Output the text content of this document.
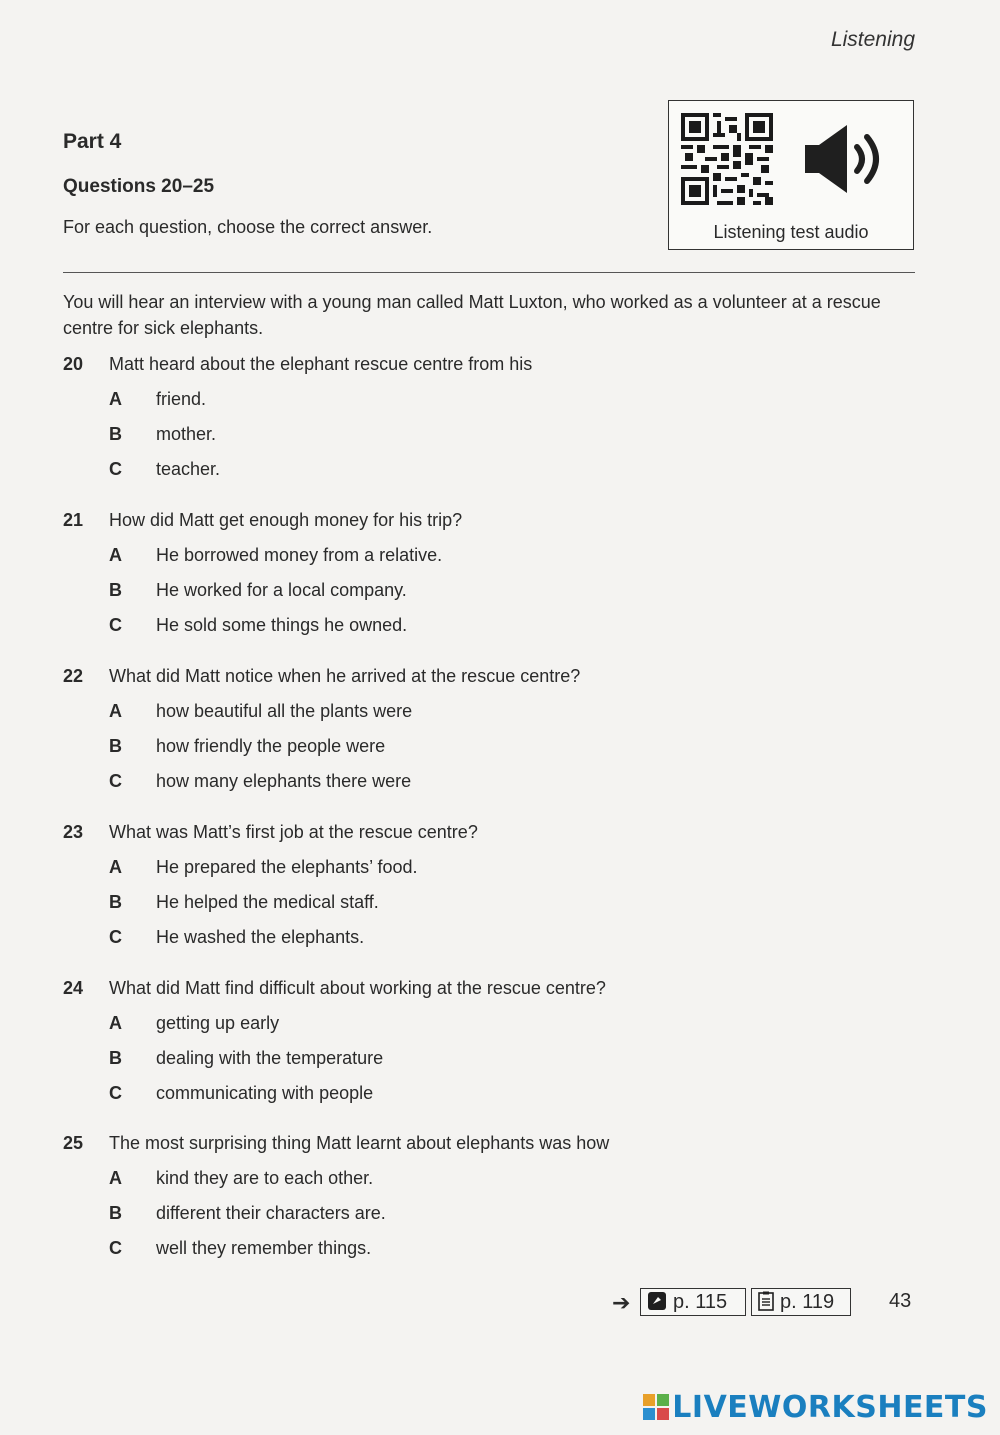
Listening
Part 4
Questions 20–25
For each question, choose the correct answer.	Listening test audio
You will hear an interview with a young man called Matt Luxton, who worked as a volunteer at a rescue centre for sick elephants.
20 Matt heard about the elephant rescue centre from his
A friend.
B mother.
C teacher.
21 How did Matt get enough money for his trip?
A He borrowed money from a relative.
B He worked for a local company.
C He sold some things he owned.
22 What did Matt notice when he arrived at the rescue centre?
A how beautiful all the plants were
B how friendly the people were
C how many elephants there were
23 What was Matt’s first job at the rescue centre?
A He prepared the elephants’ food.
B He helped the medical staff.
C He washed the elephants.
24 What did Matt find difficult about working at the rescue centre?
A getting up early
B dealing with the temperature
C communicating with people
25 The most surprising thing Matt learnt about elephants was how
A kind they are to each other.
B different their characters are.
C well they remember things.
➔	p. 115	p. 119	43
LIVEWORKSHEETS
